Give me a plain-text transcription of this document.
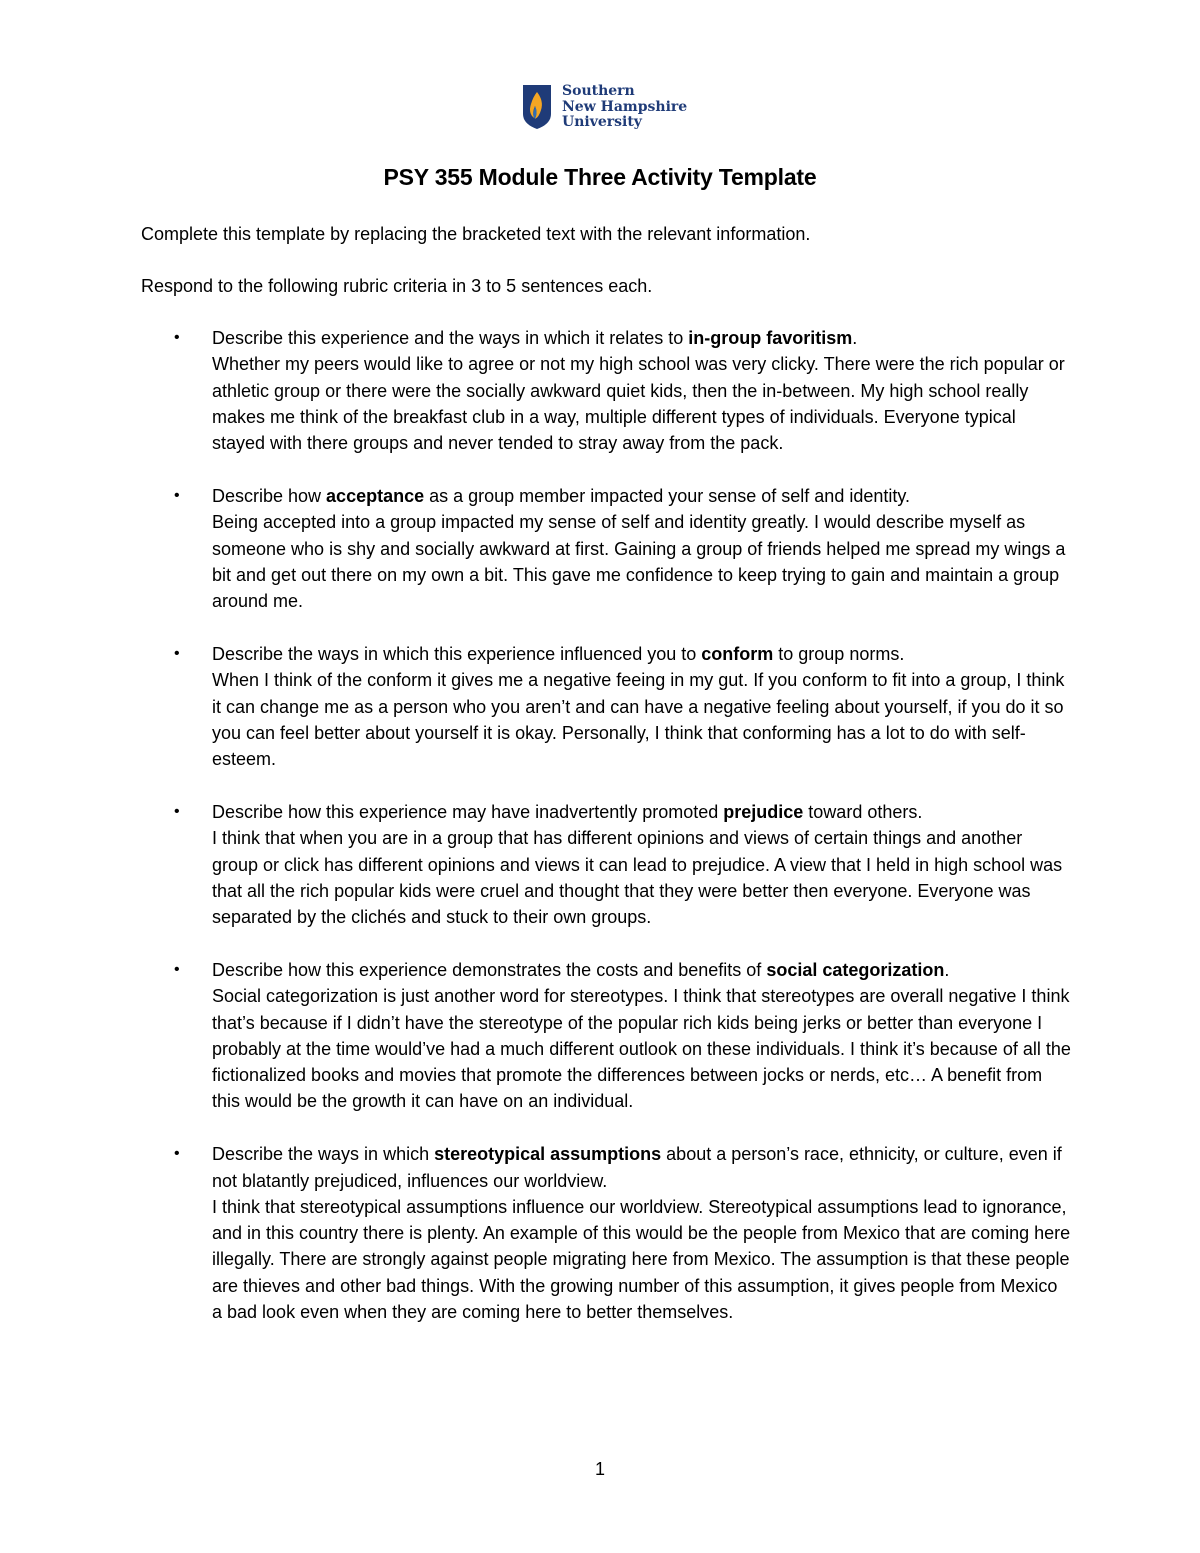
Southern
New Hampshire
University
PSY 355 Module Three Activity Template

Complete this template by replacing the bracketed text with the relevant information.

Respond to the following rubric criteria in 3 to 5 sentences each.

• Describe this experience and the ways in which it relates to in-group favoritism.
Whether my peers would like to agree or not my high school was very clicky. There were the rich popular or athletic group or there were the socially awkward quiet kids, then the in-between. My high school really makes me think of the breakfast club in a way, multiple different types of individuals. Everyone typical stayed with there groups and never tended to stray away from the pack.
• Describe how acceptance as a group member impacted your sense of self and identity.
Being accepted into a group impacted my sense of self and identity greatly. I would describe myself as someone who is shy and socially awkward at first. Gaining a group of friends helped me spread my wings a bit and get out there on my own a bit. This gave me confidence to keep trying to gain and maintain a group around me.
• Describe the ways in which this experience influenced you to conform to group norms.
When I think of the conform it gives me a negative feeing in my gut. If you conform to fit into a group, I think it can change me as a person who you aren’t and can have a negative feeling about yourself, if you do it so you can feel better about yourself it is okay. Personally, I think that conforming has a lot to do with self-esteem.
• Describe how this experience may have inadvertently promoted prejudice toward others.
I think that when you are in a group that has different opinions and views of certain things and another group or click has different opinions and views it can lead to prejudice. A view that I held in high school was that all the rich popular kids were cruel and thought that they were better then everyone. Everyone was separated by the clichés and stuck to their own groups.
• Describe how this experience demonstrates the costs and benefits of social categorization.
Social categorization is just another word for stereotypes. I think that stereotypes are overall negative I think that’s because if I didn’t have the stereotype of the popular rich kids being jerks or better than everyone I probably at the time would’ve had a much different outlook on these individuals. I think it’s because of all the fictionalized books and movies that promote the differences between jocks or nerds, etc… A benefit from this would be the growth it can have on an individual.
• Describe the ways in which stereotypical assumptions about a person’s race, ethnicity, or culture, even if not blatantly prejudiced, influences our worldview.
I think that stereotypical assumptions influence our worldview. Stereotypical assumptions lead to ignorance, and in this country there is plenty. An example of this would be the people from Mexico that are coming here illegally. There are strongly against people migrating here from Mexico. The assumption is that these people are thieves and other bad things. With the growing number of this assumption, it gives people from Mexico a bad look even when they are coming here to better themselves.
1
